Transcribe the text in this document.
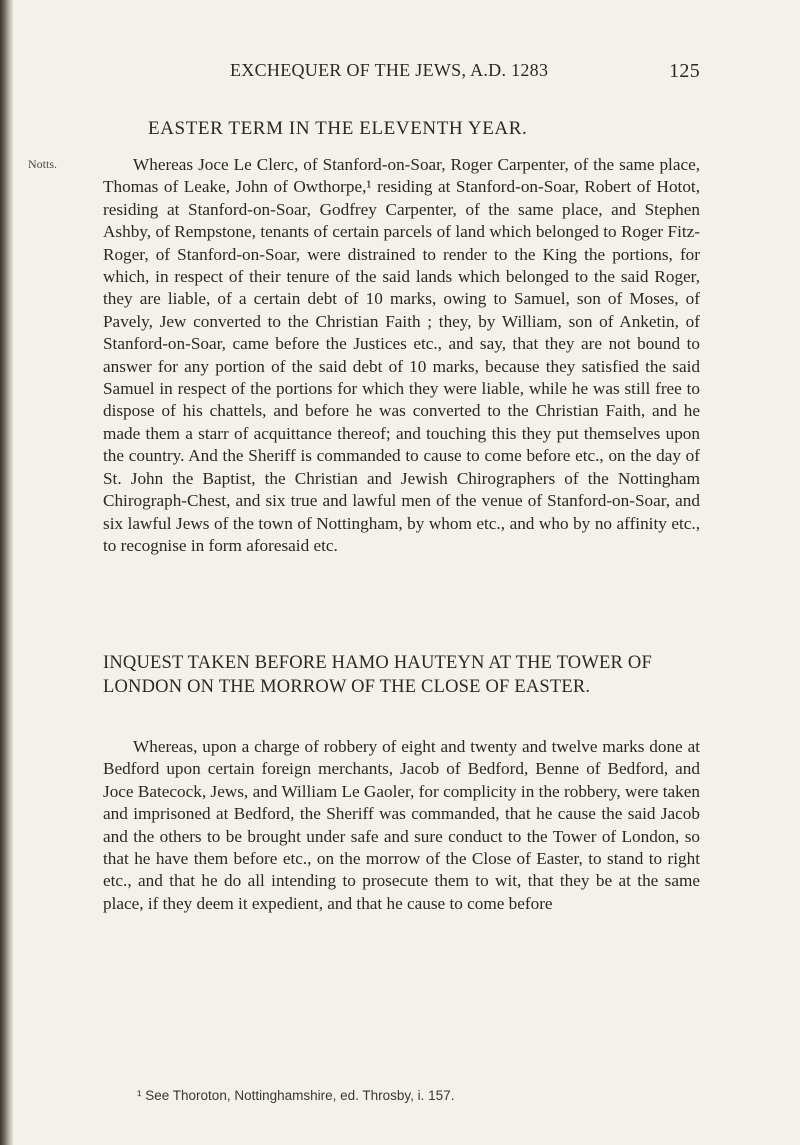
EXCHEQUER OF THE JEWS, A.D. 1283	125
EASTER TERM IN THE ELEVENTH YEAR.
Notts.	Whereas Joce Le Clerc, of Stanford-on-Soar, Roger Carpenter, of the same place, Thomas of Leake, John of Owthorpe,¹ residing at Stanford-on-Soar, Robert of Hotot, residing at Stanford-on-Soar, Godfrey Carpenter, of the same place, and Stephen Ashby, of Rempstone, tenants of certain parcels of land which belonged to Roger Fitz-Roger, of Stanford-on-Soar, were distrained to render to the King the portions, for which, in respect of their tenure of the said lands which belonged to the said Roger, they are liable, of a certain debt of 10 marks, owing to Samuel, son of Moses, of Pavely, Jew converted to the Christian Faith ; they, by William, son of Anketin, of Stanford-on-Soar, came before the Justices etc., and say, that they are not bound to answer for any portion of the said debt of 10 marks, because they satisfied the said Samuel in respect of the portions for which they were liable, while he was still free to dispose of his chattels, and before he was converted to the Christian Faith, and he made them a starr of acquittance thereof; and touching this they put themselves upon the country. And the Sheriff is commanded to cause to come before etc., on the day of St. John the Baptist, the Christian and Jewish Chirographers of the Nottingham Chirograph-Chest, and six true and lawful men of the venue of Stanford-on-Soar, and six lawful Jews of the town of Nottingham, by whom etc., and who by no affinity etc., to recognise in form aforesaid etc.

INQUEST TAKEN BEFORE HAMO HAUTEYN AT THE TOWER OF LONDON ON THE MORROW OF THE CLOSE OF EASTER.

Whereas, upon a charge of robbery of eight and twenty and twelve marks done at Bedford upon certain foreign merchants, Jacob of Bedford, Benne of Bedford, and Joce Batecock, Jews, and William Le Gaoler, for complicity in the robbery, were taken and imprisoned at Bedford, the Sheriff was commanded, that he cause the said Jacob and the others to be brought under safe and sure conduct to the Tower of London, so that he have them before etc., on the morrow of the Close of Easter, to stand to right etc., and that he do all intending to prosecute them to wit, that they be at the same place, if they deem it expedient, and that he cause to come before

¹ See Thoroton, Nottinghamshire, ed. Throsby, i. 157.
